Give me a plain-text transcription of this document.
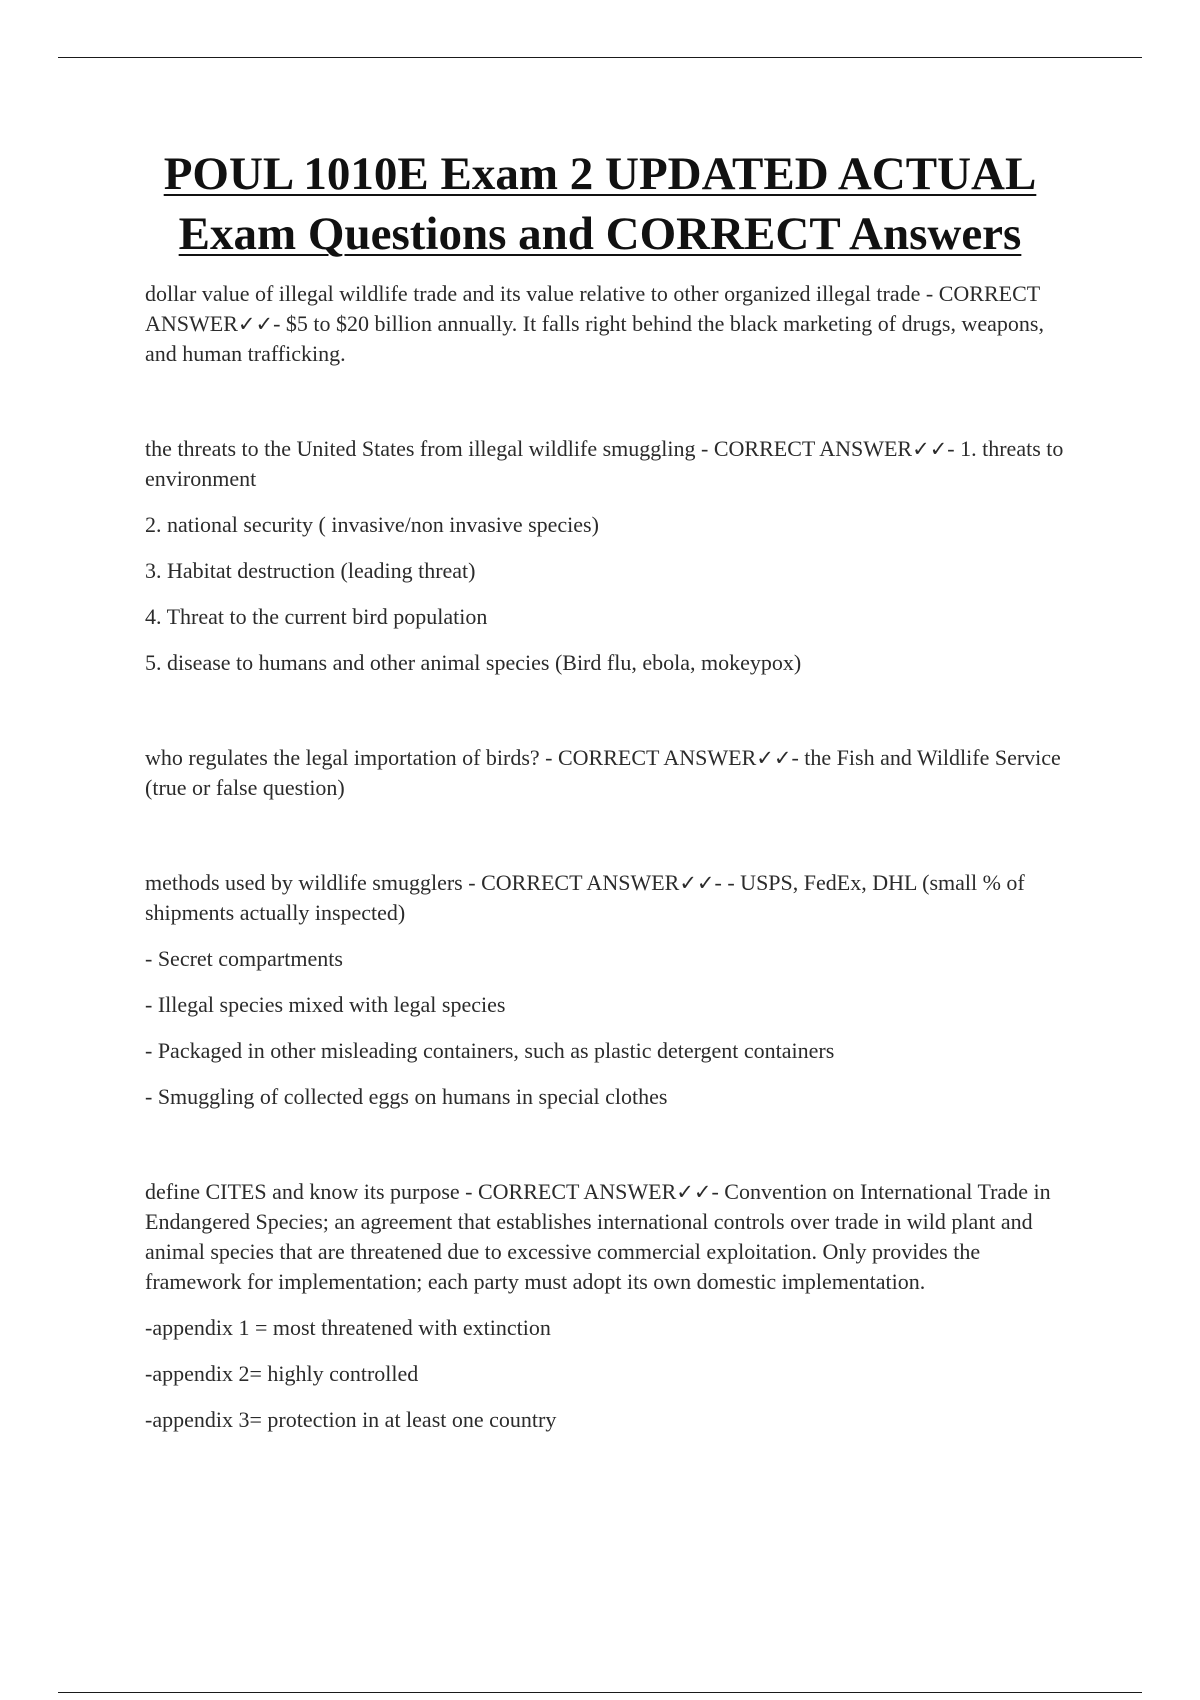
POUL 1010E Exam 2 UPDATED ACTUAL
Exam Questions and CORRECT Answers

dollar value of illegal wildlife trade and its value relative to other organized illegal trade - CORRECT ANSWER✓✓- $5 to $20 billion annually. It falls right behind the black marketing of drugs, weapons, and human trafficking.

the threats to the United States from illegal wildlife smuggling - CORRECT ANSWER✓✓- 1. threats to environment

2. national security ( invasive/non invasive species)

3. Habitat destruction (leading threat)

4. Threat to the current bird population

5. disease to humans and other animal species (Bird flu, ebola, mokeypox)

who regulates the legal importation of birds? - CORRECT ANSWER✓✓- the Fish and Wildlife Service (true or false question)

methods used by wildlife smugglers - CORRECT ANSWER✓✓- - USPS, FedEx, DHL (small % of shipments actually inspected)

- Secret compartments

- Illegal species mixed with legal species

- Packaged in other misleading containers, such as plastic detergent containers

- Smuggling of collected eggs on humans in special clothes

define CITES and know its purpose - CORRECT ANSWER✓✓- Convention on International Trade in Endangered Species; an agreement that establishes international controls over trade in wild plant and animal species that are threatened due to excessive commercial exploitation. Only provides the framework for implementation; each party must adopt its own domestic implementation.

-appendix 1 = most threatened with extinction

-appendix 2= highly controlled

-appendix 3= protection in at least one country
